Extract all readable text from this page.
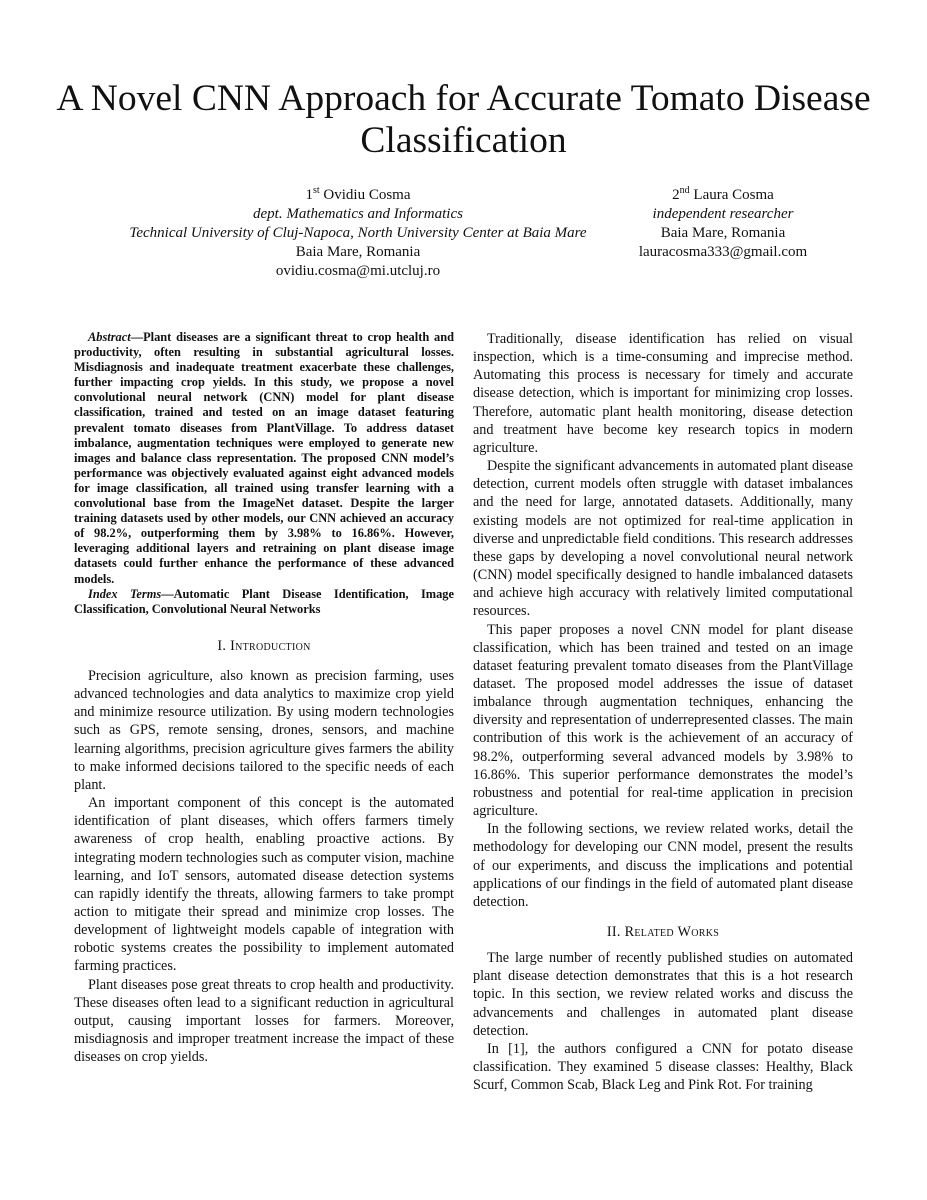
A Novel CNN Approach for Accurate Tomato Disease Classification
1st Ovidiu Cosma
dept. Mathematics and Informatics
Technical University of Cluj-Napoca, North University Center at Baia Mare
Baia Mare, Romania
ovidiu.cosma@mi.utcluj.ro
2nd Laura Cosma
independent researcher
Baia Mare, Romania
lauracosma333@gmail.com

Abstract—Plant diseases are a significant threat to crop health and productivity, often resulting in substantial agricultural losses. Misdiagnosis and inadequate treatment exacerbate these challenges, further impacting crop yields. In this study, we propose a novel convolutional neural network (CNN) model for plant disease classification, trained and tested on an image dataset featuring prevalent tomato diseases from PlantVillage. To address dataset imbalance, augmentation techniques were employed to generate new images and balance class representation. The proposed CNN model’s performance was objectively evaluated against eight advanced models for image classification, all trained using transfer learning with a convolutional base from the ImageNet dataset. Despite the larger training datasets used by other models, our CNN achieved an accuracy of 98.2%, outperforming them by 3.98% to 16.86%. However, leveraging additional layers and retraining on plant disease image datasets could further enhance the performance of these advanced models.

Index Terms—Automatic Plant Disease Identification, Image Classification, Convolutional Neural Networks

I. Introduction

Precision agriculture, also known as precision farming, uses advanced technologies and data analytics to maximize crop yield and minimize resource utilization. By using modern technologies such as GPS, remote sensing, drones, sensors, and machine learning algorithms, precision agriculture gives farmers the ability to make informed decisions tailored to the specific needs of each plant.

An important component of this concept is the automated identification of plant diseases, which offers farmers timely awareness of crop health, enabling proactive actions. By integrating modern technologies such as computer vision, machine learning, and IoT sensors, automated disease detection systems can rapidly identify the threats, allowing farmers to take prompt action to mitigate their spread and minimize crop losses. The development of lightweight models capable of integration with robotic systems creates the possibility to implement automated farming practices.

Plant diseases pose great threats to crop health and productivity. These diseases often lead to a significant reduction in agricultural output, causing important losses for farmers. Moreover, misdiagnosis and improper treatment increase the impact of these diseases on crop yields.

Traditionally, disease identification has relied on visual inspection, which is a time-consuming and imprecise method. Automating this process is necessary for timely and accurate disease detection, which is important for minimizing crop losses. Therefore, automatic plant health monitoring, disease detection and treatment have become key research topics in modern agriculture.

Despite the significant advancements in automated plant disease detection, current models often struggle with dataset imbalances and the need for large, annotated datasets. Additionally, many existing models are not optimized for real-time application in diverse and unpredictable field conditions. This research addresses these gaps by developing a novel convolutional neural network (CNN) model specifically designed to handle imbalanced datasets and achieve high accuracy with relatively limited computational resources.

This paper proposes a novel CNN model for plant disease classification, which has been trained and tested on an image dataset featuring prevalent tomato diseases from the PlantVillage dataset. The proposed model addresses the issue of dataset imbalance through augmentation techniques, enhancing the diversity and representation of underrepresented classes. The main contribution of this work is the achievement of an accuracy of 98.2%, outperforming several advanced models by 3.98% to 16.86%. This superior performance demonstrates the model’s robustness and potential for real-time application in precision agriculture.

In the following sections, we review related works, detail the methodology for developing our CNN model, present the results of our experiments, and discuss the implications and potential applications of our findings in the field of automated plant disease detection.

II. Related Works

The large number of recently published studies on automated plant disease detection demonstrates that this is a hot research topic. In this section, we review related works and discuss the advancements and challenges in automated plant disease detection.

In [1], the authors configured a CNN for potato disease classification. They examined 5 disease classes: Healthy, Black Scurf, Common Scab, Black Leg and Pink Rot. For training
